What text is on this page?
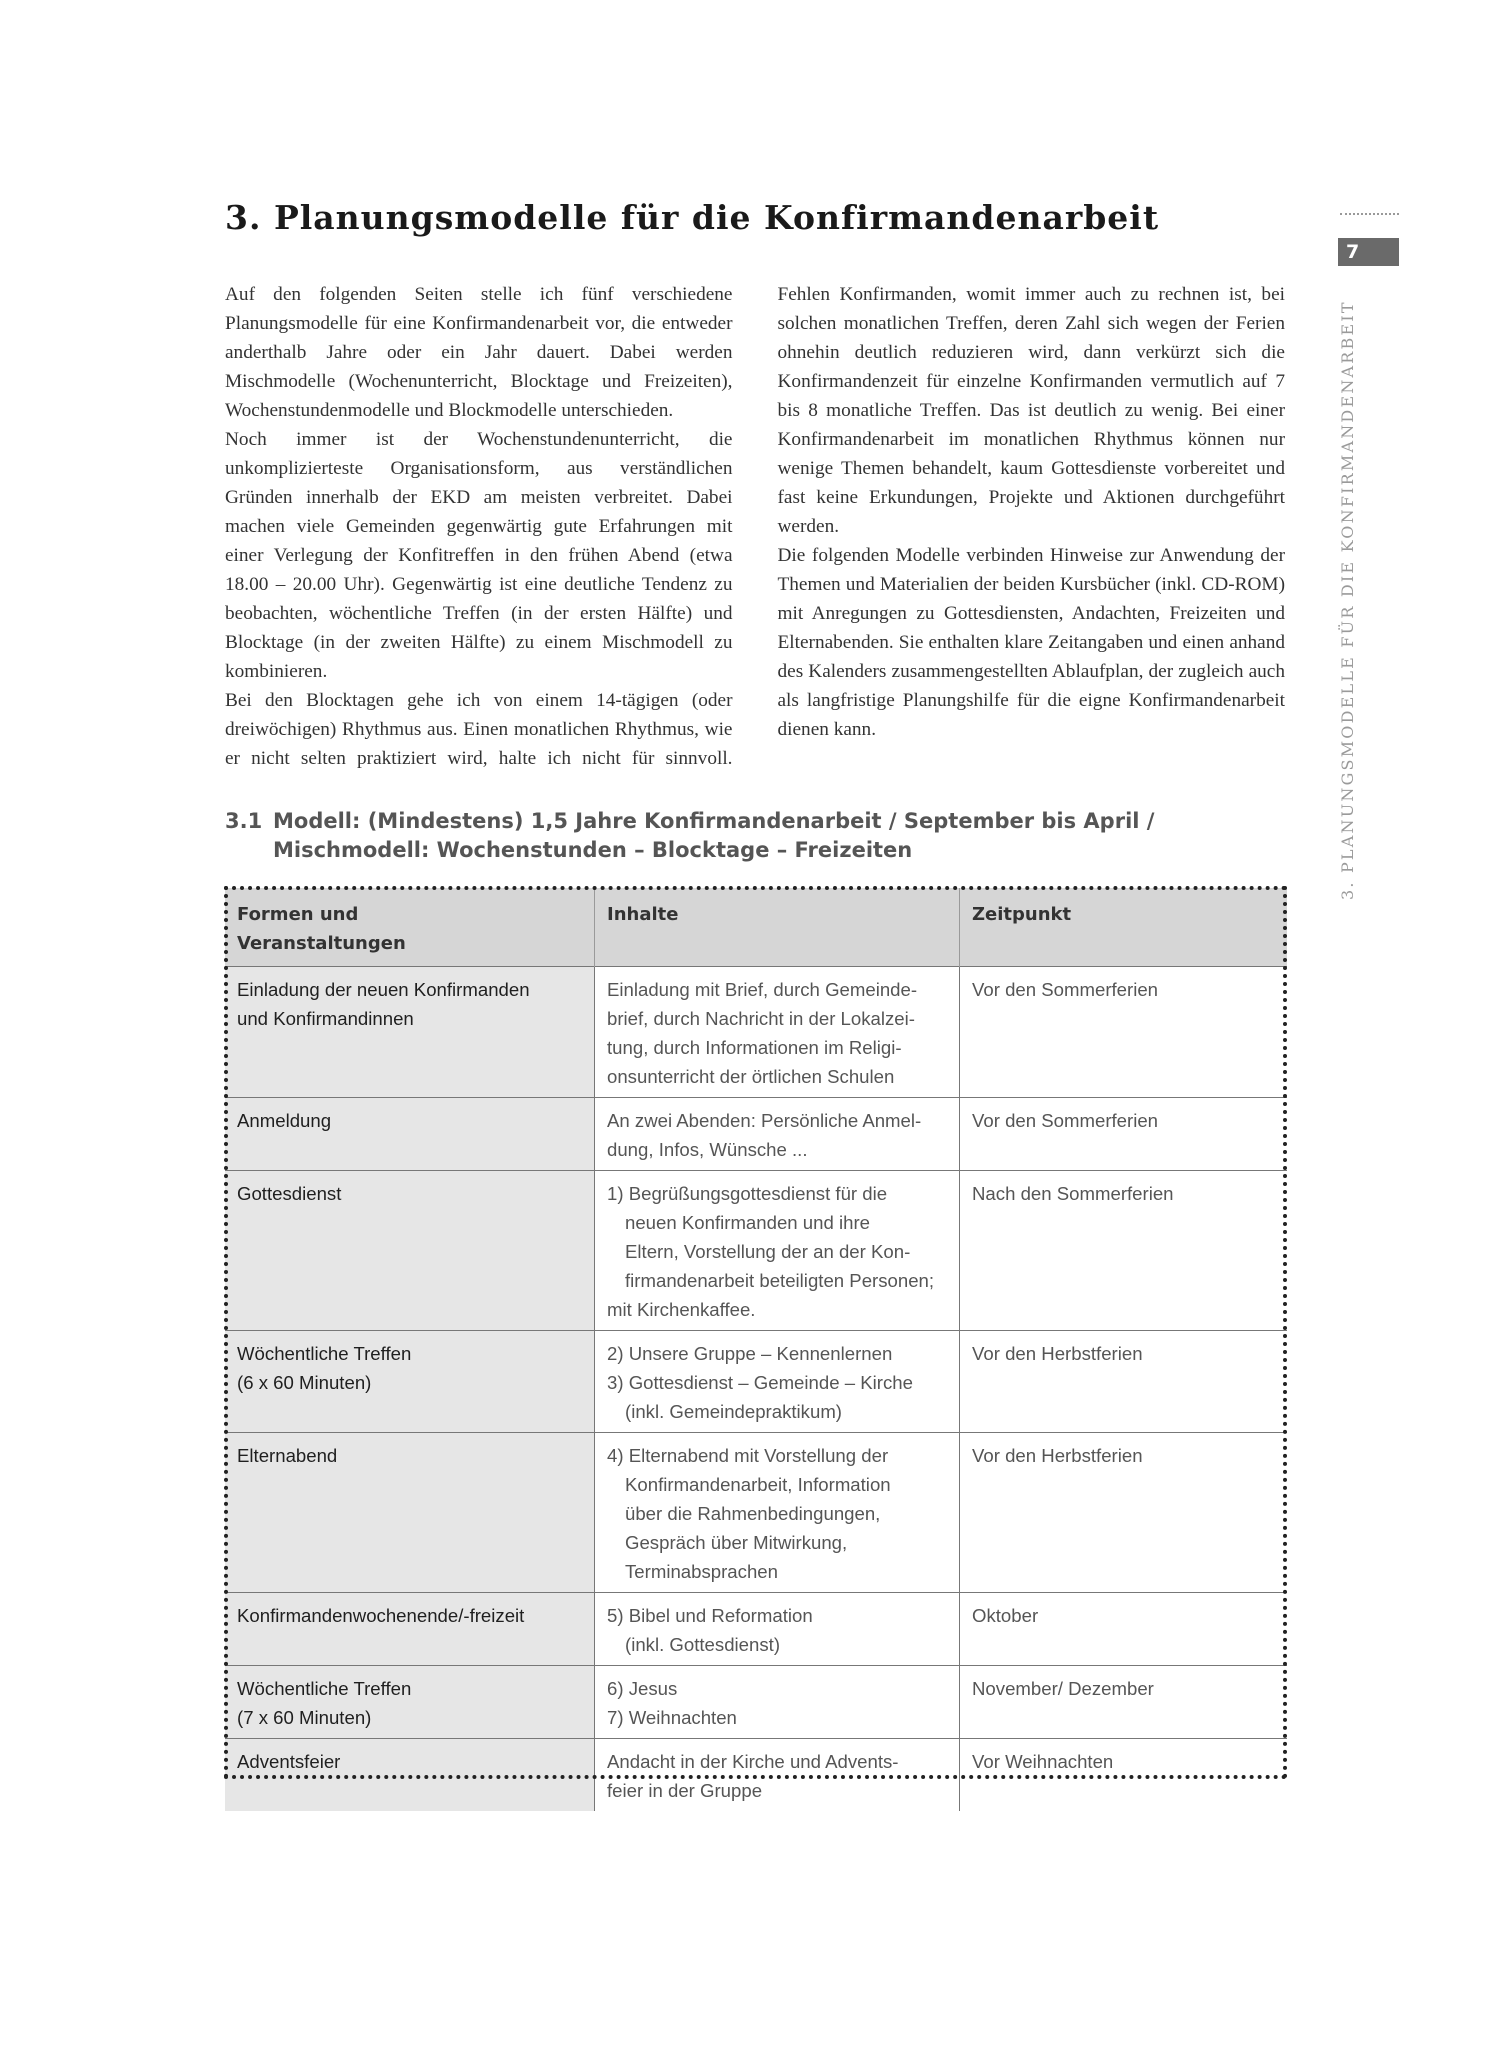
3. Planungsmodelle für die Konfirmandenarbeit

Auf den folgenden Seiten stelle ich fünf verschiedene Planungsmodelle für eine Konfirmandenarbeit vor, die entweder anderthalb Jahre oder ein Jahr dauert. Dabei werden Mischmodelle (Wochenunterricht, Blocktage und Freizeiten), Wochenstundenmodelle und Blockmodelle unterschieden.

Noch immer ist der Wochenstundenunterricht, die unkomplizierteste Organisationsform, aus verständlichen Gründen innerhalb der EKD am meisten verbreitet. Dabei machen viele Gemeinden gegenwärtig gute Erfahrungen mit einer Verlegung der Konfitreffen in den frühen Abend (etwa 18.00 – 20.00 Uhr). Gegenwärtig ist eine deutliche Tendenz zu beobachten, wöchentliche Treffen (in der ersten Hälfte) und Blocktage (in der zweiten Hälfte) zu einem Mischmodell zu kombinieren.

Bei den Blocktagen gehe ich von einem 14-tägigen (oder dreiwöchigen) Rhythmus aus. Einen monatlichen Rhythmus, wie er nicht selten praktiziert wird, halte ich nicht für sinnvoll. Fehlen Konfirmanden, womit immer auch zu rechnen ist, bei solchen monatlichen Treffen, deren Zahl sich wegen der Ferien ohnehin deutlich reduzieren wird, dann verkürzt sich die Konfirmandenzeit für einzelne Konfirmanden vermutlich auf 7 bis 8 monatliche Treffen. Das ist deutlich zu wenig. Bei einer Konfirmandenarbeit im monatlichen Rhythmus können nur wenige Themen behandelt, kaum Gottesdienste vorbereitet und fast keine Erkundungen, Projekte und Aktionen durchgeführt werden.

Die folgenden Modelle verbinden Hinweise zur Anwendung der Themen und Materialien der beiden Kursbücher (inkl. CD-ROM) mit Anregungen zu Gottesdiensten, Andachten, Freizeiten und Elternabenden. Sie enthalten klare Zeitangaben und einen anhand des Kalenders zusammengestellten Ablaufplan, der zugleich auch als langfristige Planungshilfe für die eigne Konfirmandenarbeit dienen kann.

3.1 Modell: (Mindestens) 1,5 Jahre Konfirmandenarbeit / September bis April /
Mischmodell: Wochenstunden – Blocktage – Freizeiten
Formen und
Veranstaltungen	Inhalte	Zeitpunkt

Einladung der neuen Konfirmanden
und Konfirmandinnen	Einladung mit Brief, durch Gemeinde-
brief, durch Nachricht in der Lokalzei-
tung, durch Informationen im Religi-
onsunterricht der örtlichen Schulen	Vor den Sommerferien

Anmeldung	An zwei Abenden: Persönliche Anmel-
dung, Infos, Wünsche ...	Vor den Sommerferien

Gottesdienst	1) Begrüßungsgottesdienst für die
neuen Konfirmanden und ihre
Eltern, Vorstellung der an der Kon-
firmandenarbeit beteiligten Personen;
mit Kirchenkaffee.	Nach den Sommerferien

Wöchentliche Treffen
(6 x 60 Minuten)	2) Unsere Gruppe – Kennenlernen
3) Gottesdienst – Gemeinde – Kirche
(inkl. Gemeindepraktikum)	Vor den Herbstferien

Elternabend	4) Elternabend mit Vorstellung der
Konfirmandenarbeit, Information
über die Rahmenbedingungen,
Gespräch über Mitwirkung,
Terminabsprachen	Vor den Herbstferien

Konfirmandenwochenende/-freizeit	5) Bibel und Reformation
(inkl. Gottesdienst)	Oktober

Wöchentliche Treffen
(7 x 60 Minuten)	6) Jesus
7) Weihnachten	November/ Dezember

Adventsfeier	Andacht in der Kirche und Advents-
feier in der Gruppe	Vor Weihnachten
7
3. PLANUNGSMODELLE FÜR DIE KONFIRMANDENARBEIT
